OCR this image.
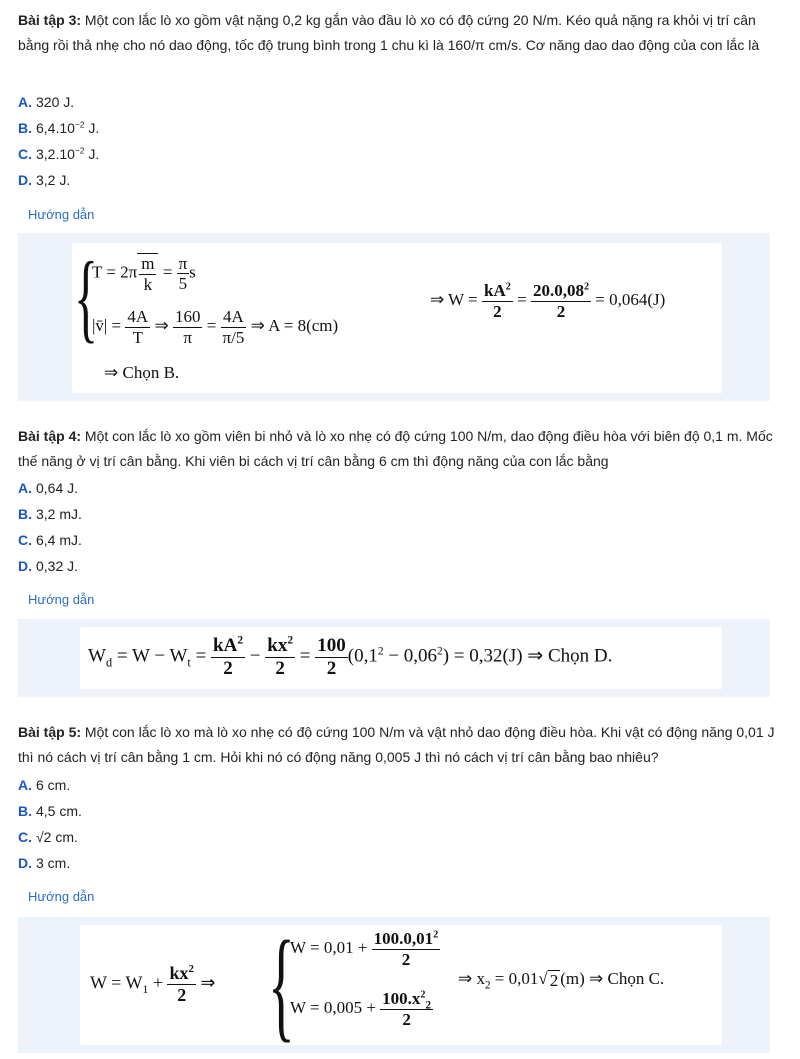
Bài tập 3: Một con lắc lò xo gồm vật nặng 0,2 kg gắn vào đầu lò xo có độ cứng 20 N/m. Kéo quả nặng ra khỏi vị trí cân bằng rồi thả nhẹ cho nó dao động, tốc độ trung bình trong 1 chu kì là 160/π cm/s. Cơ năng dao dao động của con lắc là
A. 320 J.
B. $6,4.10^{-2}$ J.
C. $3,2.10^{-2}$ J.
D. 3,2 J.
Hướng dẫn
{
$T = 2\pi \frac{m}{k} = \frac{\pi}{5}$ s
|v̄| = $\frac{4A}{T}$ ⇒ $\frac{160}{\pi} = \frac{4A}{\pi/5}$ ⇒ A = 8(cm)
⇒ $W = \frac{kA^2}{2} = \frac{20.0,08^2}{2} = 0,064(J)$
⇒ Chọn B.
Bài tập 4: Một con lắc lò xo gồm viên bi nhỏ và lò xo nhẹ có độ cứng 100 N/m, dao động điều hòa với biên độ 0,1 m. Mốc thế năng ở vị trí cân bằng. Khi viên bi cách vị trí cân bằng 6 cm thì động năng của con lắc bằng
A. 0,64 J.
B. 3,2 mJ.
C. 6,4 mJ.
D. 0,32 J.
Hướng dẫn
$W_d = W - W_t = \frac{kA^2}{2} - \frac{kx^2}{2} = \frac{100}{2} (0,1^2 - 0,06^2) = 0,32(J)$ ⇒ Chọn D.
Bài tập 5: Một con lắc lò xo mà lò xo nhẹ có độ cứng 100 N/m và vật nhỏ dao động điều hòa. Khi vật có động năng 0,01 J thì nó cách vị trí cân bằng 1 cm. Hỏi khi nó có động năng 0,005 J thì nó cách vị trí cân bằng bao nhiêu?
A. 6 cm.
B. 4,5 cm.
C. √2 cm.
D. 3 cm.
Hướng dẫn
$W = W_1 + \frac{kx^2}{2}$ ⇒ {
$W = 0,01 + \frac{100.0,01^2}{2}$
$W = 0,005 + \frac{100.x^2_2}{2}$
⇒ $x_2 = 0,01√$ 2 (m) ⇒ Chọn C.
